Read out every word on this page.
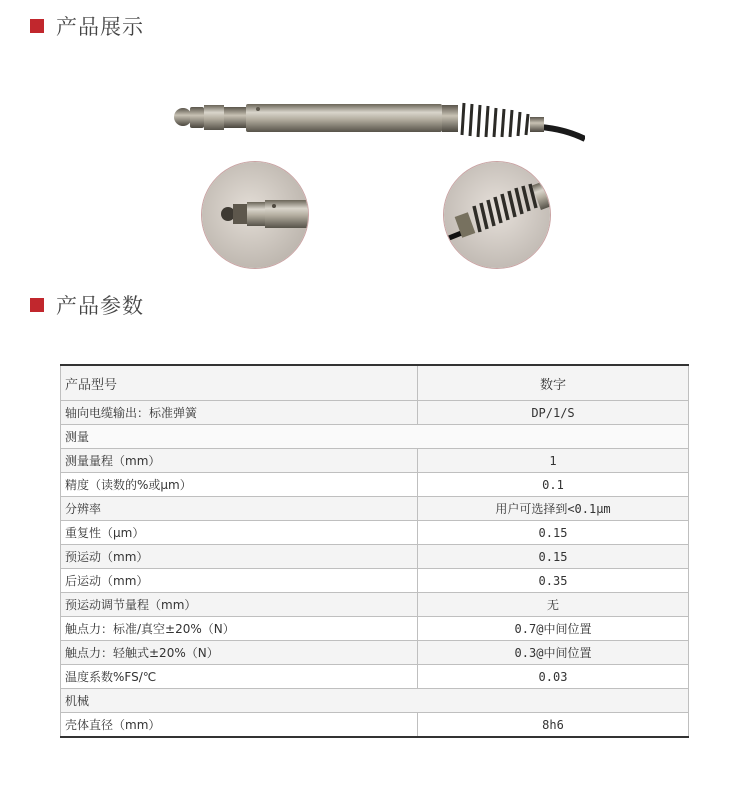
产品展示
产品参数
产品型号	数字
轴向电缆输出：标准弹簧	DP/1/S
测量	
测量量程（mm）	1
精度（读数的%或μm）	0.1
分辨率	用户可选择到<0.1μm
重复性（μm）	0.15
预运动（mm）	0.15
后运动（mm）	0.35
预运动调节量程（mm）	无
触点力：标准/真空±20%（N）	0.7@中间位置
触点力：轻触式±20%（N）	0.3@中间位置
温度系数%FS/℃	0.03
机械	
壳体直径（mm）	8h6
